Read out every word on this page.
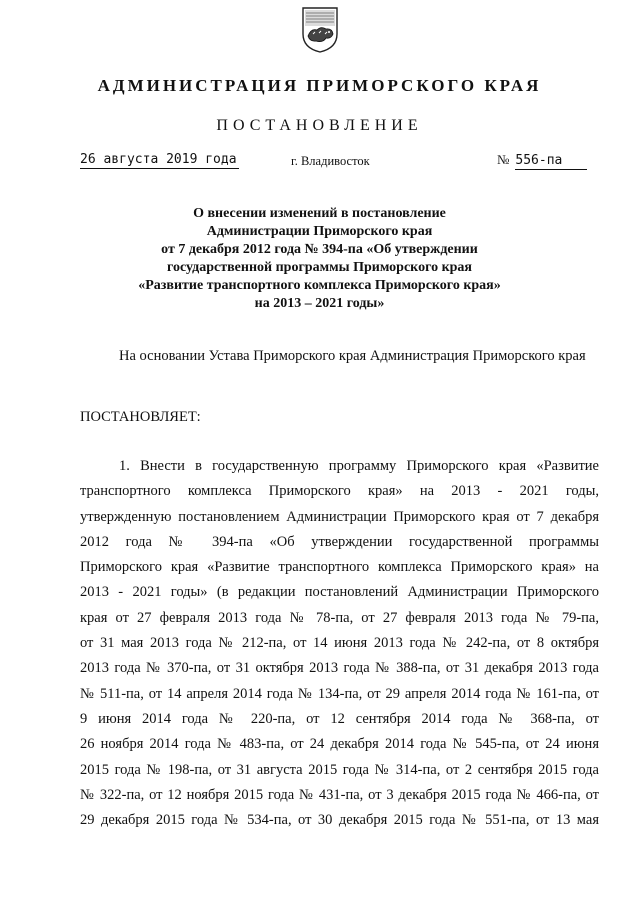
АДМИНИСТРАЦИЯ ПРИМОРСКОГО КРАЯ
ПОСТАНОВЛЕНИЕ
26 августа 2019 года	г. Владивосток	№ 556-па
О внесении изменений в постановление
Администрации Приморского края
от 7 декабря 2012 года № 394-па «Об утверждении
государственной программы Приморского края
«Развитие транспортного комплекса Приморского края»
на 2013 – 2021 годы»
На основании Устава Приморского края Администрация Приморского края
ПОСТАНОВЛЯЕТ:
1. Внести в государственную программу Приморского края «Развитие
транспортного комплекса Приморского края» на 2013 - 2021 годы,
утвержденную постановлением Администрации Приморского края от 7 декабря
2012 года № 394-па «Об утверждении государственной программы
Приморского края «Развитие транспортного комплекса Приморского края» на
2013 - 2021 годы» (в редакции постановлений Администрации Приморского
края от 27 февраля 2013 года № 78-па, от 27 февраля 2013 года № 79-па,
от 31 мая 2013 года № 212-па, от 14 июня 2013 года № 242-па, от 8 октября
2013 года № 370-па, от 31 октября 2013 года № 388-па, от 31 декабря 2013 года
№ 511-па, от 14 апреля 2014 года № 134-па, от 29 апреля 2014 года № 161-па, от
9 июня 2014 года № 220-па, от 12 сентября 2014 года № 368-па, от
26 ноября 2014 года № 483-па, от 24 декабря 2014 года № 545-па, от 24 июня
2015 года № 198-па, от 31 августа 2015 года № 314-па, от 2 сентября 2015 года
№ 322-па, от 12 ноября 2015 года № 431-па, от 3 декабря 2015 года № 466-па, от
29 декабря 2015 года № 534-па, от 30 декабря 2015 года № 551-па, от 13 мая
